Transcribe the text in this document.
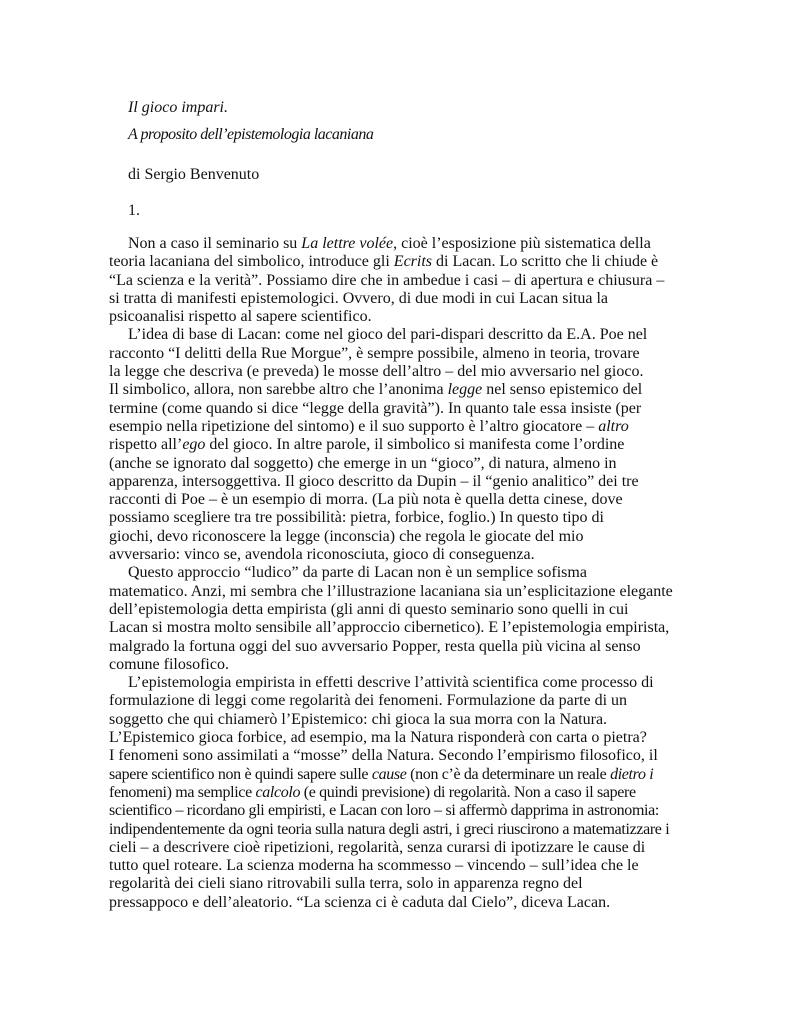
Il gioco impari.
A proposito dell’epistemologia lacaniana

di Sergio Benvenuto

1.

Non a caso il seminario su La lettre volée, cioè l’esposizione più sistematica della
teoria lacaniana del simbolico, introduce gli Ecrits di Lacan. Lo scritto che li chiude è
“La scienza e la verità”. Possiamo dire che in ambedue i casi – di apertura e chiusura –
si tratta di manifesti epistemologici. Ovvero, di due modi in cui Lacan situa la
psicoanalisi rispetto al sapere scientifico.
L’idea di base di Lacan: come nel gioco del pari-dispari descritto da E.A. Poe nel
racconto “I delitti della Rue Morgue”, è sempre possibile, almeno in teoria, trovare
la legge che descriva (e preveda) le mosse dell’altro – del mio avversario nel gioco.
Il simbolico, allora, non sarebbe altro che l’anonima legge nel senso epistemico del
termine (come quando si dice “legge della gravità”). In quanto tale essa insiste (per
esempio nella ripetizione del sintomo) e il suo supporto è l’altro giocatore – altro
rispetto all’ego del gioco. In altre parole, il simbolico si manifesta come l’ordine
(anche se ignorato dal soggetto) che emerge in un “gioco”, di natura, almeno in
apparenza, intersoggettiva. Il gioco descritto da Dupin – il “genio analitico” dei tre
racconti di Poe – è un esempio di morra. (La più nota è quella detta cinese, dove
possiamo scegliere tra tre possibilità: pietra, forbice, foglio.) In questo tipo di
giochi, devo riconoscere la legge (inconscia) che regola le giocate del mio
avversario: vinco se, avendola riconosciuta, gioco di conseguenza.
Questo approccio “ludico” da parte di Lacan non è un semplice sofisma
matematico. Anzi, mi sembra che l’illustrazione lacaniana sia un’esplicitazione elegante
dell’epistemologia detta empirista (gli anni di questo seminario sono quelli in cui
Lacan si mostra molto sensibile all’approccio cibernetico). E l’epistemologia empirista,
malgrado la fortuna oggi del suo avversario Popper, resta quella più vicina al senso
comune filosofico.
L’epistemologia empirista in effetti descrive l’attività scientifica come processo di
formulazione di leggi come regolarità dei fenomeni. Formulazione da parte di un
soggetto che qui chiamerò l’Epistemico: chi gioca la sua morra con la Natura.
L’Epistemico gioca forbice, ad esempio, ma la Natura risponderà con carta o pietra?
I fenomeni sono assimilati a “mosse” della Natura. Secondo l’empirismo filosofico, il
sapere scientifico non è quindi sapere sulle cause (non c’è da determinare un reale dietro i
fenomeni) ma semplice calcolo (e quindi previsione) di regolarità. Non a caso il sapere
scientifico – ricordano gli empiristi, e Lacan con loro – si affermò dapprima in astronomia:
indipendentemente da ogni teoria sulla natura degli astri, i greci riuscirono a matematizzare i
cieli – a descrivere cioè ripetizioni, regolarità, senza curarsi di ipotizzare le cause di
tutto quel roteare. La scienza moderna ha scommesso – vincendo – sull’idea che le
regolarità dei cieli siano ritrovabili sulla terra, solo in apparenza regno del
pressappoco e dell’aleatorio. “La scienza ci è caduta dal Cielo”, diceva Lacan.
